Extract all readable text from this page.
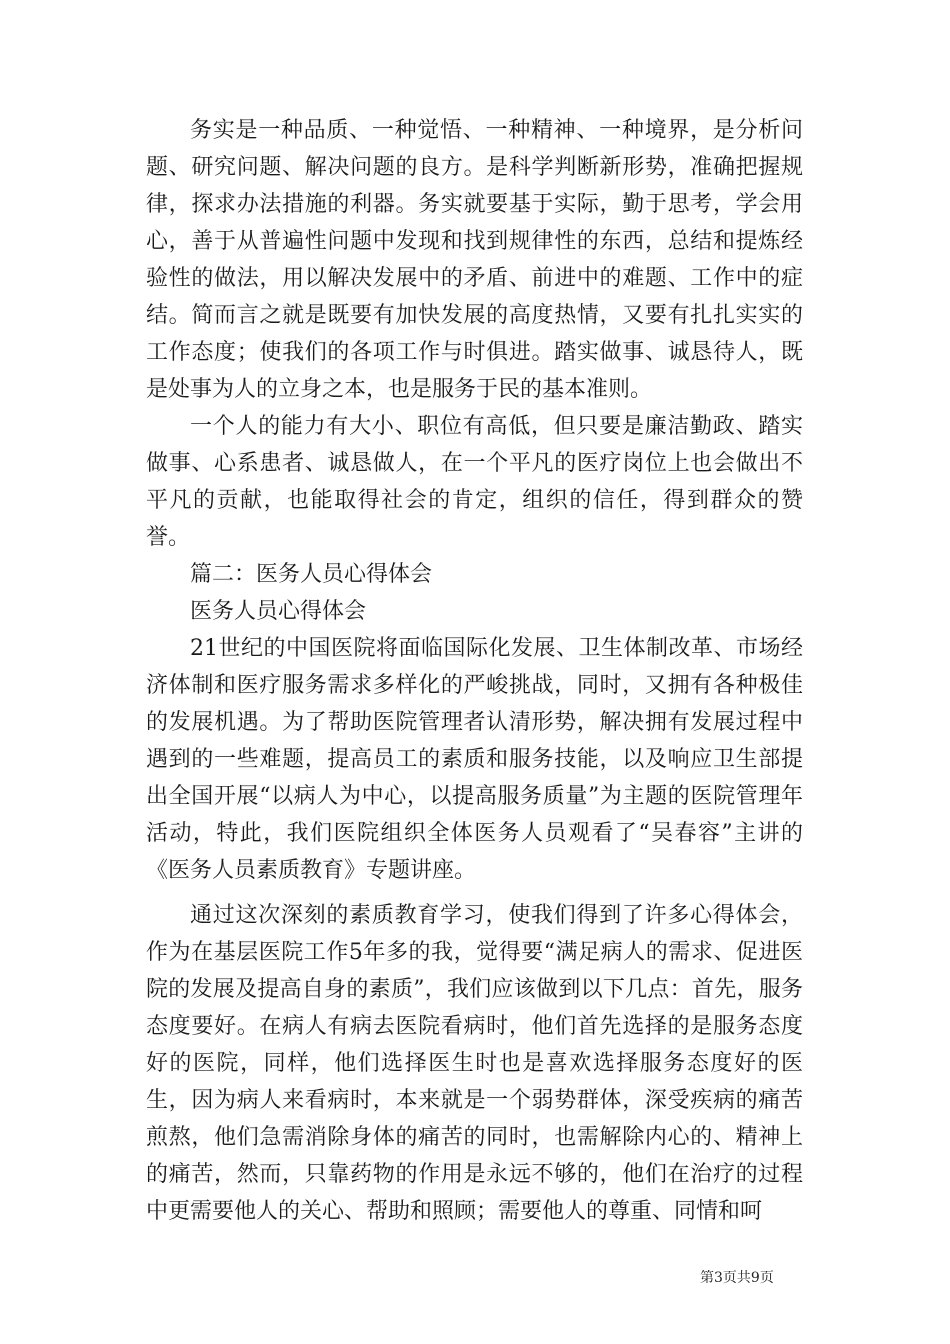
务实是一种品质、一种觉悟、一种精神、一种境界，是分析问题、研究问题、解决问题的良方。是科学判断新形势，准确把握规律，探求办法措施的利器。务实就要基于实际，勤于思考，学会用心，善于从普遍性问题中发现和找到规律性的东西，总结和提炼经验性的做法，用以解决发展中的矛盾、前进中的难题、工作中的症结。简而言之就是既要有加快发展的高度热情，又要有扎扎实实的工作态度；使我们的各项工作与时俱进。踏实做事、诚恳待人，既是处事为人的立身之本，也是服务于民的基本准则。

一个人的能力有大小、职位有高低，但只要是廉洁勤政、踏实做事、心系患者、诚恳做人，在一个平凡的医疗岗位上也会做出不平凡的贡献，也能取得社会的肯定，组织的信任，得到群众的赞誉。

篇二：医务人员心得体会

医务人员心得体会

21世纪的中国医院将面临国际化发展、卫生体制改革、市场经济体制和医疗服务需求多样化的严峻挑战，同时，又拥有各种极佳的发展机遇。为了帮助医院管理者认清形势，解决拥有发展过程中遇到的一些难题，提高员工的素质和服务技能，以及响应卫生部提出全国开展“以病人为中心，以提高服务质量”为主题的医院管理年活动，特此，我们医院组织全体医务人员观看了“吴春容”主讲的《医务人员素质教育》专题讲座。

通过这次深刻的素质教育学习，使我们得到了许多心得体会，作为在基层医院工作5年多的我，觉得要“满足病人的需求、促进医院的发展及提高自身的素质”，我们应该做到以下几点：首先，服务态度要好。在病人有病去医院看病时，他们首先选择的是服务态度好的医院，同样，他们选择医生时也是喜欢选择服务态度好的医生，因为病人来看病时，本来就是一个弱势群体，深受疾病的痛苦煎熬，他们急需消除身体的痛苦的同时，也需解除内心的、精神上的痛苦，然而，只靠药物的作用是永远不够的，他们在治疗的过程中更需要他人的关心、帮助和照顾；需要他人的尊重、同情和呵

第3页共9页
